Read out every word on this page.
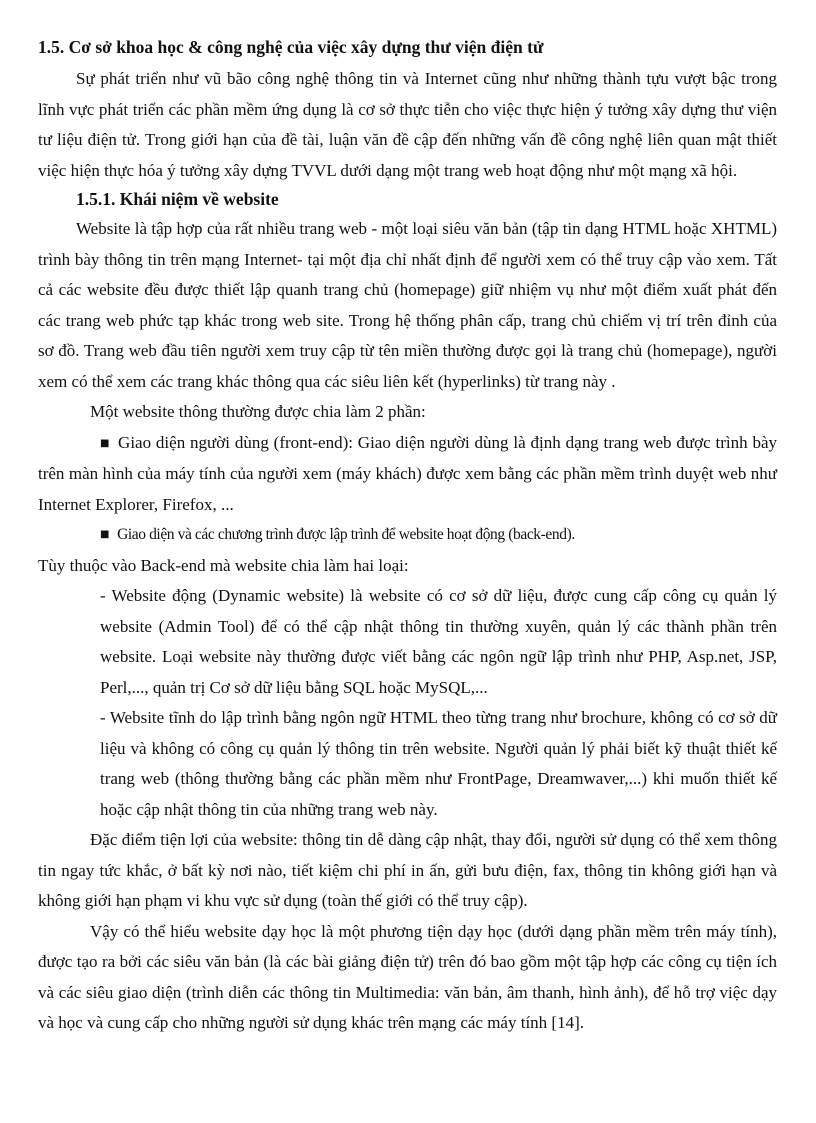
1.5. Cơ sở khoa học & công nghệ của việc xây dựng thư viện điện tử

Sự phát triển như vũ bão công nghệ thông tin và Internet cũng như những thành tựu vượt bậc trong lĩnh vực phát triển các phần mềm ứng dụng là cơ sở thực tiễn cho việc thực hiện ý tưởng xây dựng thư viện tư liệu điện tử. Trong giới hạn của đề tài, luận văn đề cập đến những vấn đề công nghệ liên quan mật thiết việc hiện thực hóa ý tưởng xây dựng TVVL dưới dạng một trang web hoạt động như một mạng xã hội.

1.5.1. Khái niệm về website

Website là tập hợp của rất nhiều trang web - một loại siêu văn bản (tập tin dạng HTML hoặc XHTML) trình bày thông tin trên mạng Internet- tại một địa chỉ nhất định để người xem có thể truy cập vào xem. Tất cả các website đều được thiết lập quanh trang chủ (homepage) giữ nhiệm vụ như một điểm xuất phát đến các trang web phức tạp khác trong web site. Trong hệ thống phân cấp, trang chủ chiếm vị trí trên đỉnh của sơ đồ. Trang web đầu tiên người xem truy cập từ tên miền thường được gọi là trang chủ (homepage), người xem có thể xem các trang khác thông qua các siêu liên kết (hyperlinks) từ trang này .

Một website thông thường được chia làm 2 phần:

■ Giao diện người dùng (front-end): Giao diện người dùng là định dạng trang web được trình bày trên màn hình của máy tính của người xem (máy khách) được xem bằng các phần mềm trình duyệt web như Internet Explorer, Firefox, ...

■ Giao diện và các chương trình được lập trình để website hoạt động (back-end).

Tùy thuộc vào Back-end mà website chia làm hai loại:

- Website động (Dynamic website) là website có cơ sở dữ liệu, được cung cấp công cụ quản lý website (Admin Tool) để có thể cập nhật thông tin thường xuyên, quản lý các thành phần trên website. Loại website này thường được viết bằng các ngôn ngữ lập trình như PHP, Asp.net, JSP, Perl,..., quản trị Cơ sở dữ liệu bằng SQL hoặc MySQL,...

- Website tĩnh do lập trình bằng ngôn ngữ HTML theo từng trang như brochure, không có cơ sở dữ liệu và không có công cụ quản lý thông tin trên website. Người quản lý phải biết kỹ thuật thiết kế trang web (thông thường bằng các phần mềm như FrontPage, Dreamwaver,...) khi muốn thiết kế hoặc cập nhật thông tin của những trang web này.

Đặc điểm tiện lợi của website: thông tin dễ dàng cập nhật, thay đổi, người sử dụng có thể xem thông tin ngay tức khắc, ở bất kỳ nơi nào, tiết kiệm chi phí in ấn, gửi bưu điện, fax, thông tin không giới hạn và không giới hạn phạm vi khu vực sử dụng (toàn thế giới có thể truy cập).

Vậy có thể hiểu website dạy học là một phương tiện dạy học (dưới dạng phần mềm trên máy tính), được tạo ra bởi các siêu văn bản (là các bài giảng điện tử) trên đó bao gồm một tập hợp các công cụ tiện ích và các siêu giao diện (trình diễn các thông tin Multimedia: văn bản, âm thanh, hình ảnh), để hỗ trợ việc dạy và học và cung cấp cho những người sử dụng khác trên mạng các máy tính [14].
